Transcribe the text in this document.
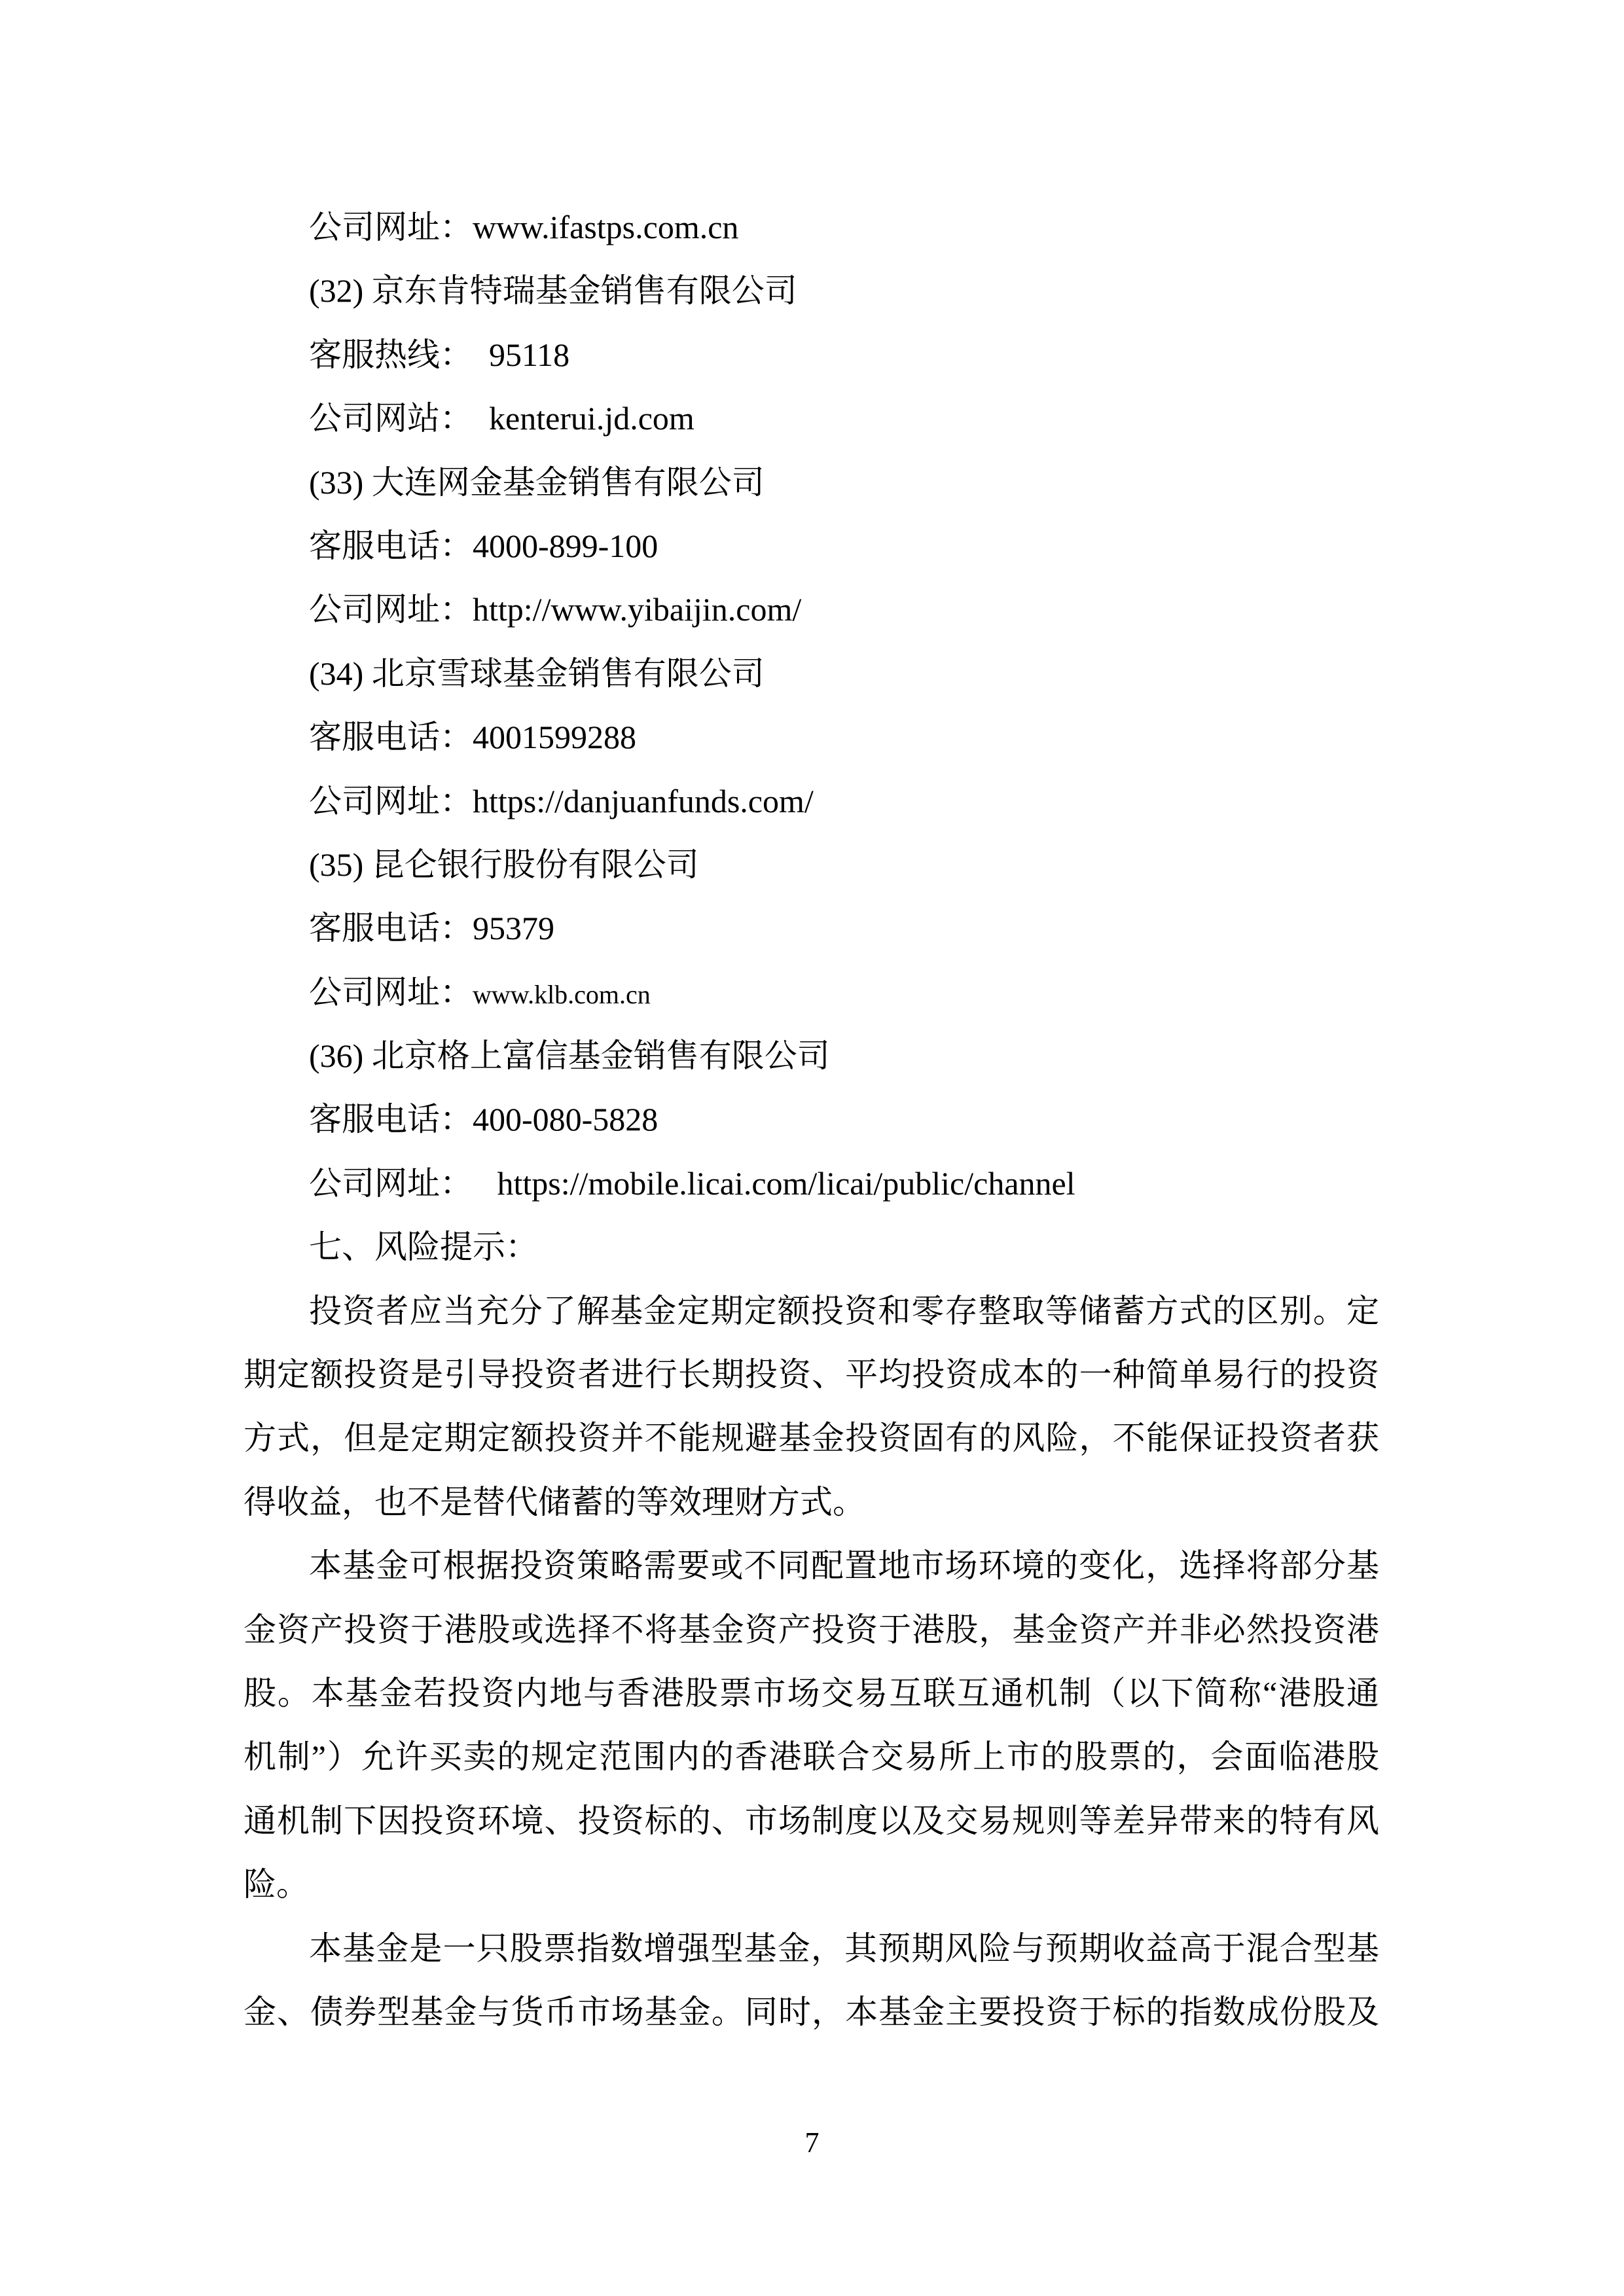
公司网址：www.ifastps.com.cn
(32) 京东肯特瑞基金销售有限公司
客服热线：  95118
公司网站：  kenterui.jd.com
(33) 大连网金基金销售有限公司
客服电话：4000-899-100
公司网址：http://www.yibaijin.com/
(34) 北京雪球基金销售有限公司
客服电话：4001599288
公司网址：https://danjuanfunds.com/
(35) 昆仑银行股份有限公司
客服电话：95379
公司网址：www.klb.com.cn
(36) 北京格上富信基金销售有限公司
客服电话：400-080-5828
公司网址：   https://mobile.licai.com/licai/public/channel
七、风险提示：
投资者应当充分了解基金定期定额投资和零存整取等储蓄方式的区别。定
期定额投资是引导投资者进行长期投资、平均投资成本的一种简单易行的投资
方式，但是定期定额投资并不能规避基金投资固有的风险，不能保证投资者获
得收益，也不是替代储蓄的等效理财方式。
本基金可根据投资策略需要或不同配置地市场环境的变化，选择将部分基
金资产投资于港股或选择不将基金资产投资于港股，基金资产并非必然投资港
股。本基金若投资内地与香港股票市场交易互联互通机制（以下简称“港股通
机制”）允许买卖的规定范围内的香港联合交易所上市的股票的，会面临港股
通机制下因投资环境、投资标的、市场制度以及交易规则等差异带来的特有风
险。
本基金是一只股票指数增强型基金，其预期风险与预期收益高于混合型基
金、债券型基金与货币市场基金。同时，本基金主要投资于标的指数成份股及
7
